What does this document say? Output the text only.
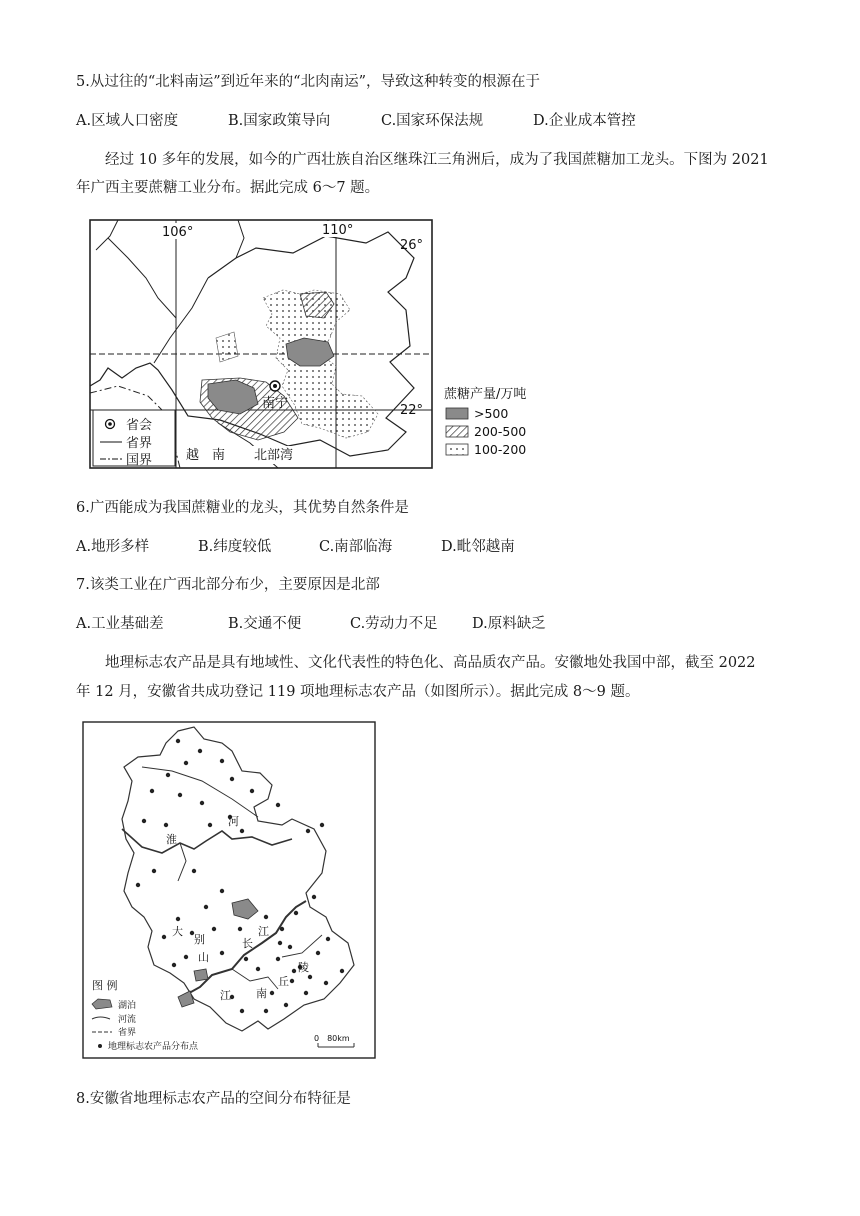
5.从过往的“北料南运”到近年来的“北肉南运”，导致这种转变的根源在于
A.区域人口密度	B.国家政策导向	C.国家环保法规	D.企业成本管控
经过 10 多年的发展，如今的广西壮族自治区继珠江三角洲后，成为了我国蔗糖加工龙头。下图为 2021
年广西主要蔗糖工业分布。据此完成 6～7 题。
南宁
106°	110°
26°
22°
越　南 北部湾
省会
省界
国界
蔗糖产量/万吨
>500
200-500
100-200
6.广西能成为我国蔗糖业的龙头，其优势自然条件是
A.地形多样	B.纬度较低	C.南部临海	D.毗邻越南
7.该类工业在广西北部分布少，主要原因是北部
A.工业基础差	B.交通不便	C.劳动力不足 D.原料缺乏
地理标志农产品是具有地域性、文化代表性的特色化、高品质农产品。安徽地处我国中部，截至 2022
年 12 月，安徽省共成功登记 119 项地理标志农产品（如图所示）。据此完成 8～9 题。
淮
河
长
江
大
别
山
江 南
丘
陵
图 例
湖泊
河流
省界
地理标志农产品分布点
0　80km
8.安徽省地理标志农产品的空间分布特征是
